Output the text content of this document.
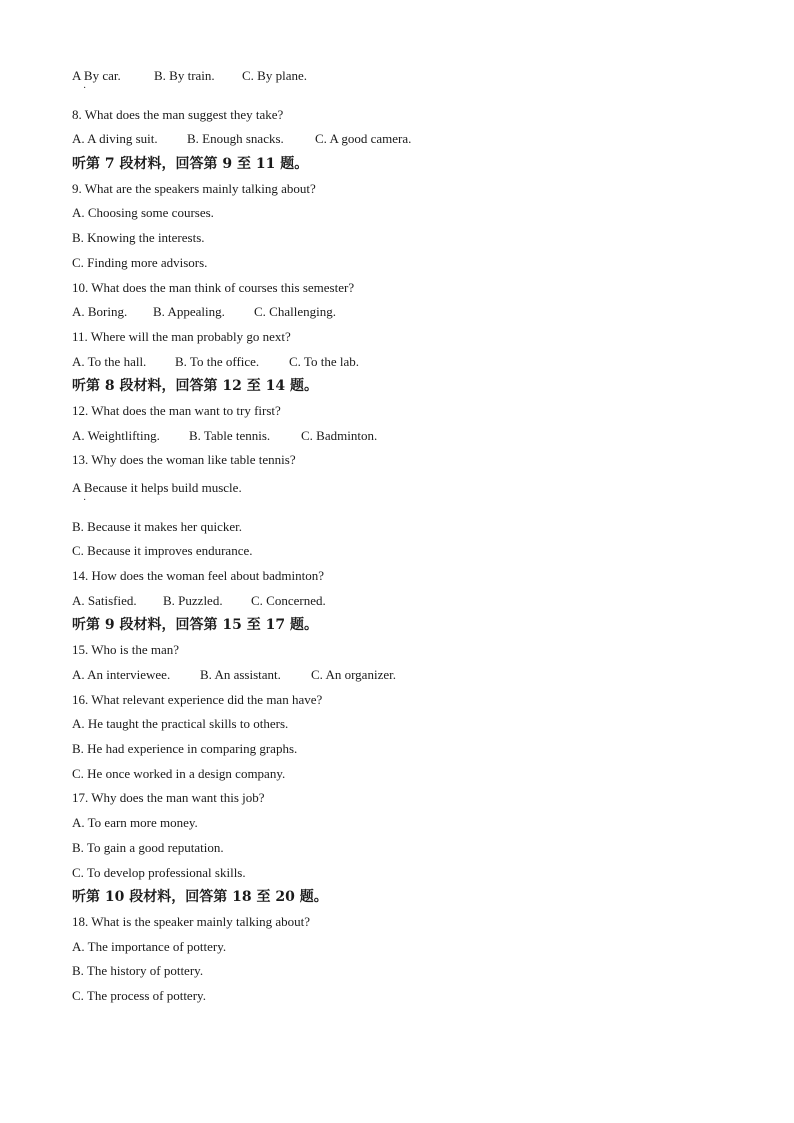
A By car.	B. By train. C. By plane.
·
8. What does the man suggest they take?
A. A diving suit. B. Enough snacks. C. A good camera.
听第 7 段材料，回答第 9 至 11 题。
9. What are the speakers mainly talking about?
A. Choosing some courses.
B. Knowing the interests.
C. Finding more advisors.
10. What does the man think of courses this semester?
A. Boring. B. Appealing. C. Challenging.
11. Where will the man probably go next?
A. To the hall. B. To the office. C. To the lab.
听第 8 段材料，回答第 12 至 14 题。
12. What does the man want to try first?
A. Weightlifting. B. Table tennis. C. Badminton.
13. Why does the woman like table tennis?
A Because it helps build muscle.
·
B. Because it makes her quicker.
C. Because it improves endurance.
14. How does the woman feel about badminton?
A. Satisfied. B. Puzzled. C. Concerned.
听第 9 段材料，回答第 15 至 17 题。
15. Who is the man?
A. An interviewee. B. An assistant. C. An organizer.
16. What relevant experience did the man have?
A. He taught the practical skills to others.
B. He had experience in comparing graphs.
C. He once worked in a design company.
17. Why does the man want this job?
A. To earn more money.
B. To gain a good reputation.
C. To develop professional skills.
听第 10 段材料，回答第 18 至 20 题。
18. What is the speaker mainly talking about?
A. The importance of pottery.
B. The history of pottery.
C. The process of pottery.
